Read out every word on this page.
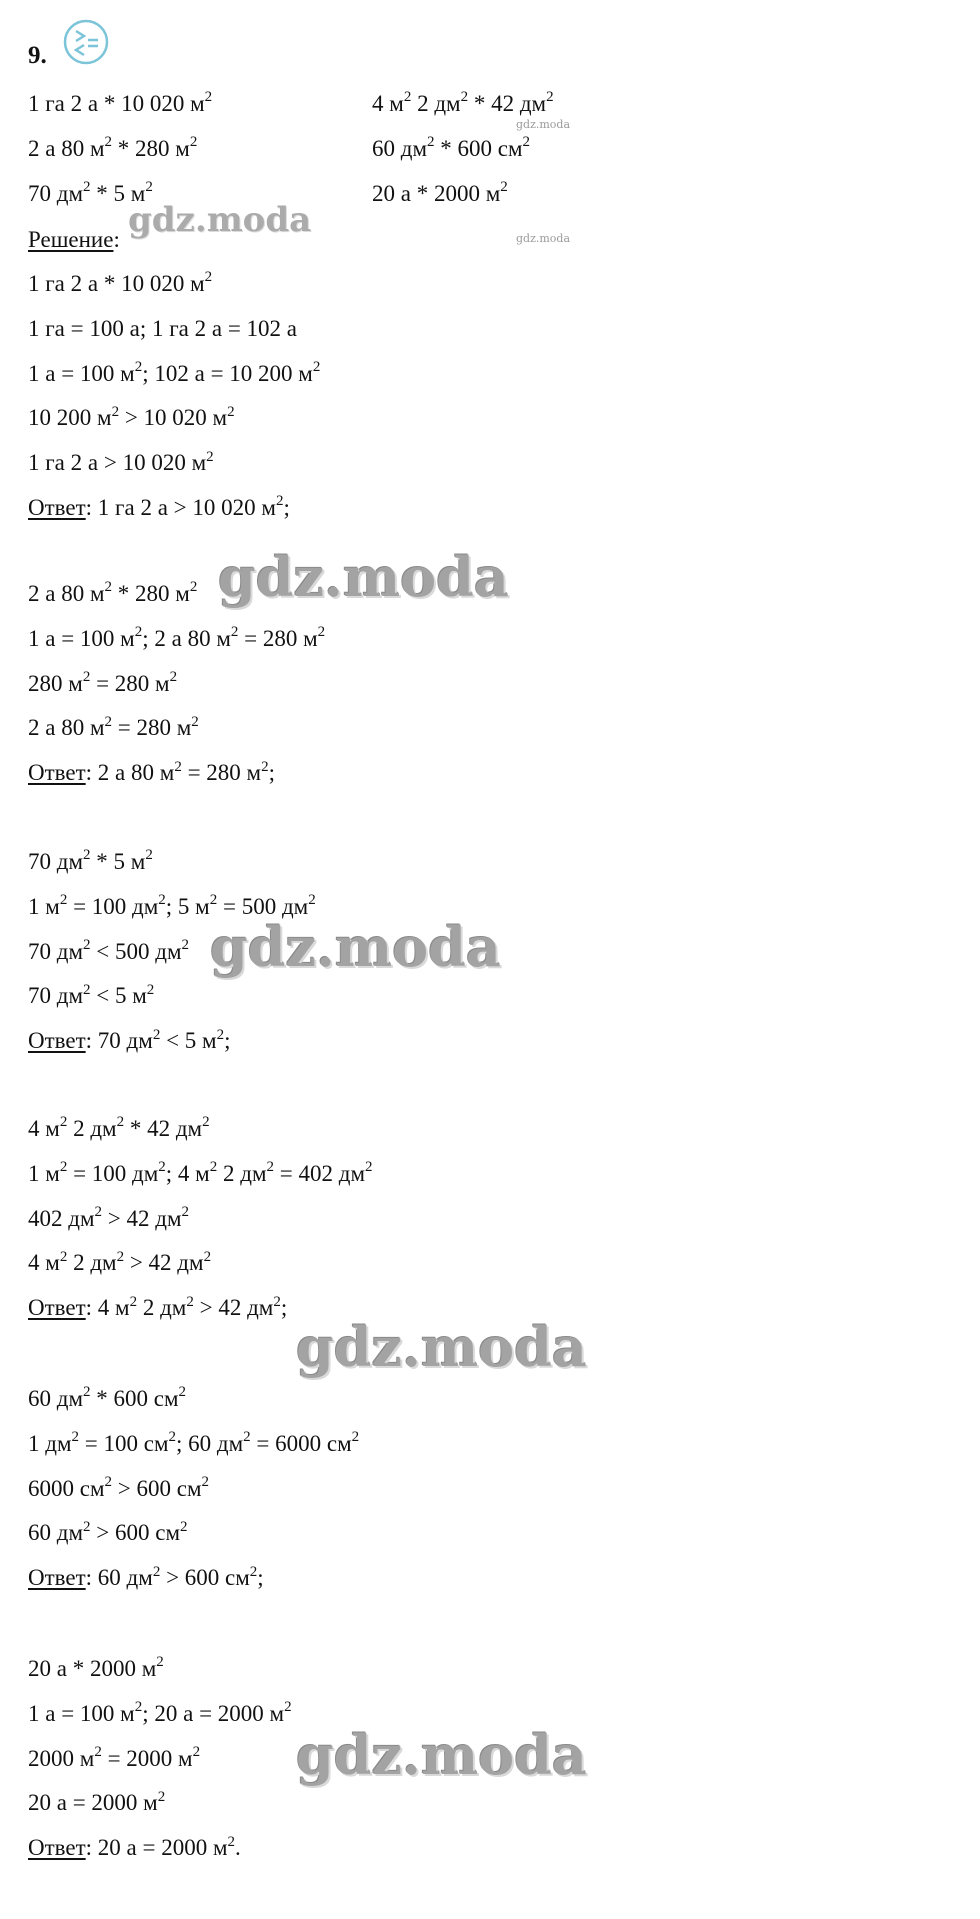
9.
1 га 2 а * 10 020 $м^2$
2 а 80 $м^2 * 280$ $м^2$
70 $дм^2 * 5$ $м^2$
4 $м^2$ 2 $дм^2 * 42$ $дм^2$
60 $дм^2 * 600$ $см^2$
20 а * 2000 $м^2$
Решение:
1 га 2 а * 10 020 $м^2$
1 га = 100 а; 1 га 2 а = 102 а
1 а = 100 $м^2$; 102 а = 10 200 $м^2$
10 200 $м^2 > 10$ 020 $м^2$
1 га 2 а > 10 020 $м^2$
Ответ: 1 га 2 а > 10 020 $м^2$;
2 а 80 $м^2 * 280$ $м^2$
1 а = 100 $м^2$; 2 а 80 $м^2 = 280$ $м^2$
280 $м^2 = 280$ $м^2$
2 а 80 $м^2 = 280$ $м^2$
Ответ: 2 а 80 $м^2 = 280$ $м^2$;
70 $дм^2 * 5$ $м^2$
1 $м^2 = 100$ $дм^2$; 5 $м^2 = 500$ $дм^2$
70 $дм^2 < 500$ $дм^2$
70 $дм^2 < 5$ $м^2$
Ответ: 70 $дм^2 < 5$ $м^2$;
4 $м^2$ 2 $дм^2 * 42$ $дм^2$
1 $м^2 = 100$ $дм^2$; 4 $м^2$ 2 $дм^2 = 402$ $дм^2$
402 $дм^2 > 42$ $дм^2$
4 $м^2$ 2 $дм^2 > 42$ $дм^2$
Ответ: 4 $м^2$ 2 $дм^2 > 42$ $дм^2$;
60 $дм^2 * 600$ $см^2$
1 $дм^2 = 100$ $см^2$; 60 $дм^2 = 6000$ $см^2$
6000 $см^2 > 600$ $см^2$
60 $дм^2 > 600$ $см^2$
Ответ: 60 $дм^2 > 600$ $см^2$;
20 а * 2000 $м^2$
1 а = 100 $м^2$; 20 а = 2000 $м^2$
2000 $м^2 = 2000$ $м^2$
20 а = 2000 $м^2$
Ответ: 20 а = 2000 $м^2$.
gdz.moda
gdz.moda
gdz.moda
gdz.moda
gdz.moda
gdz.moda
gdz.moda
